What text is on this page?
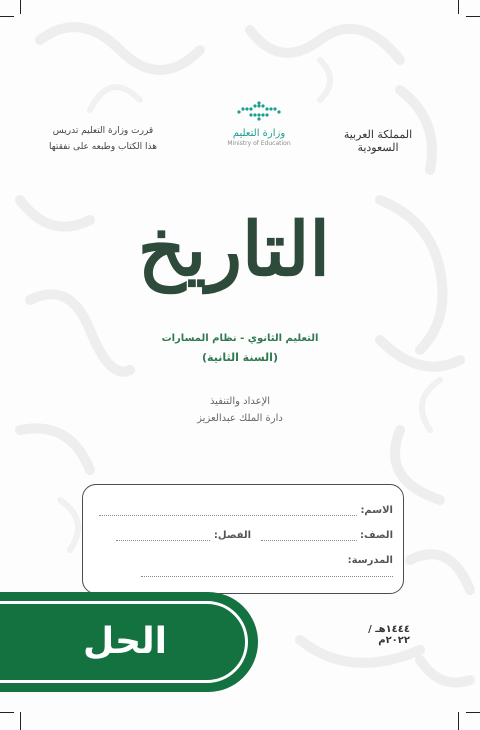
قررت وزارة التعليم تدريس
هذا الكتاب وطبعه على نفقتها
وزارة التعليم
Ministry of Education
المملكة العربية السعودية
التاريخ
التعليم الثانوي - نظام المسارات
(السنة الثانية)
الإعداد والتنفيذ
دارة الملك عبدالعزيز
الاسم:
الصف:  الفصل:
المدرسة:
١٤٤٤هـ / ٢٠٢٢م
الحل
